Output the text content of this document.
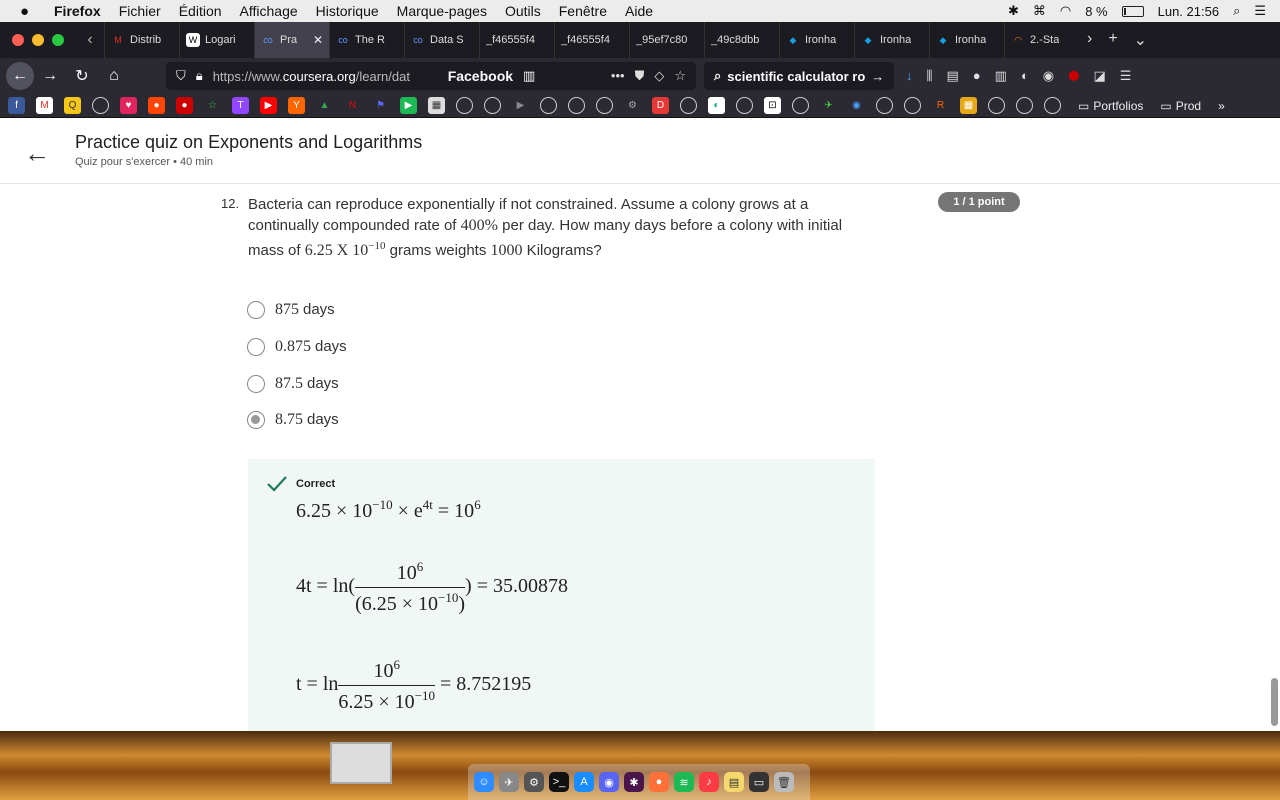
●	Firefox Fichier Édition Affichage Historique Marque-pages Outils Fenêtre Aide	✱ ⌘ ◠ 8 %	Lun. 21:56 ⌕ ☰
‹	M Distrib	W Logari	co Pra ✕ co The R	co Data S _f46555f4 _f46555f4 _95ef7c80 _49c8dbb	◆ Ironha	◆ Ironha	◆ Ironha	◠ 2.-Sta › + ⌄
← →	↻	⌂	⛉ 🔒︎ https://www.coursera.org/learn/dat	Facebook ▥	••• ⛊ ◇ ☆ ⌕ scientific calculator ro → ↓ ⫼ ▤ ● ▥ ◐ ◉ ⬢ ◪ ☰
f	M	Q	♥	●	●	☆	T	▶	Y	▲	N	⚑	▶	▦	▶	⚙	D	◐	⊡	✈	◉	R	▦	▭ Portfolios ▭ Prod »
← Practice quiz on Exponents and Logarithms
Quiz pour s'exercer • 40 min
12. Bacteria can reproduce exponentially if not constrained. Assume a colony grows at a continually compounded rate of 400% per day. How many days before a colony with initial mass of 6.25 X $10^{-10}$ grams weights 1000 Kilograms?
1 / 1 point
875 days
0.875 days
87.5 days
8.75 days
Correct
$6.25 \times 10^{-10} \times e^{4t} = 10^6$
$4t = \ln( \frac{10^6}{(6.25 \times 10^{-10})}$ ) = 35.00878
$t = \ln \frac{10^6}{6.25 \times 10^{-10}} = 8.752195$
☺	✈	⚙	>_	A	◉	✱	●	≋	♪	▤	▭	🗑︎
